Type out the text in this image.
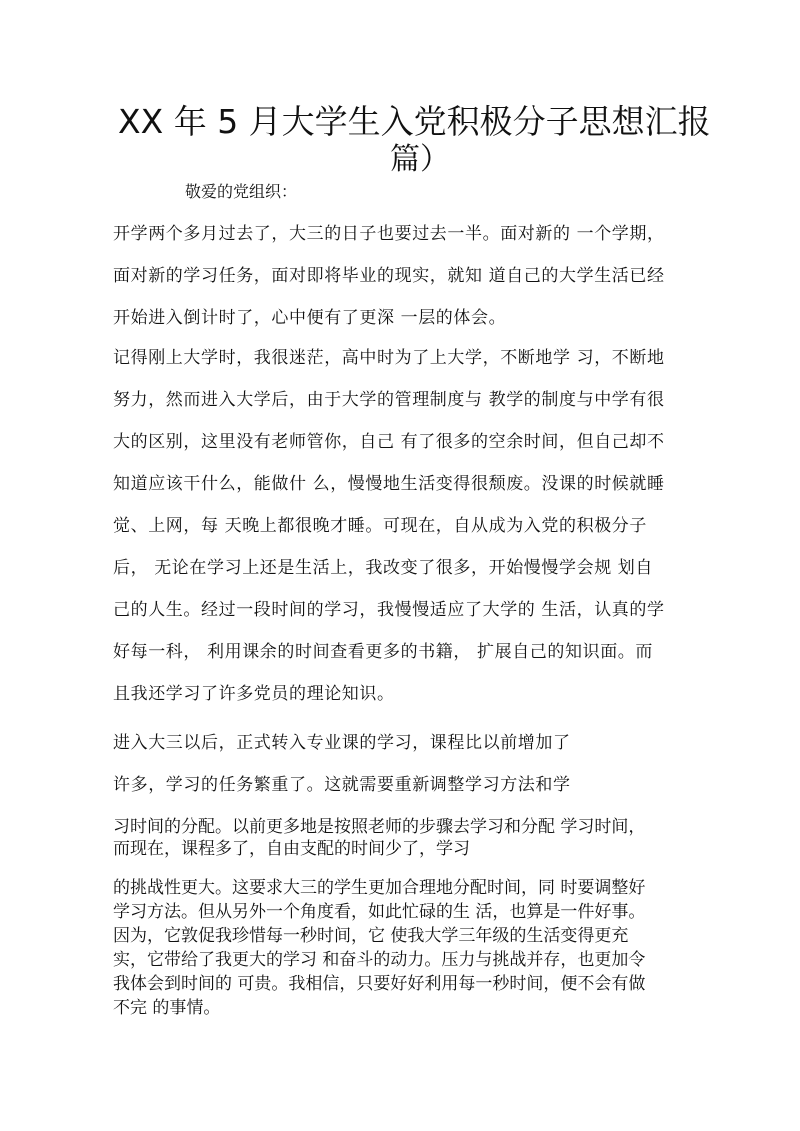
XX 年 5 月大学生入党积极分子思想汇报
篇）
敬爱的党组织：
开学两个多月过去了，大三的日子也要过去一半。面对新的 一个学期，
面对新的学习任务，面对即将毕业的现实，就知 道自己的大学生活已经
开始进入倒计时了，心中便有了更深 一层的体会。
记得刚上大学时，我很迷茫，高中时为了上大学，不断地学 习，不断地
努力，然而进入大学后，由于大学的管理制度与 教学的制度与中学有很
大的区别，这里没有老师管你，自己 有了很多的空余时间，但自己却不
知道应该干什么，能做什 么，慢慢地生活变得很颓废。没课的时候就睡
觉、上网，每 天晚上都很晚才睡。可现在，自从成为入党的积极分子
后， 无论在学习上还是生活上，我改变了很多，开始慢慢学会规 划自
己的人生。经过一段时间的学习，我慢慢适应了大学的 生活，认真的学
好每一科， 利用课余的时间查看更多的书籍， 扩展自己的知识面。而
且我还学习了许多党员的理论知识。
进入大三以后，正式转入专业课的学习，课程比以前增加了
许多，学习的任务繁重了。这就需要重新调整学习方法和学
习时间的分配。以前更多地是按照老师的步骤去学习和分配 学习时间，
而现在，课程多了，自由支配的时间少了，学习
的挑战性更大。这要求大三的学生更加合理地分配时间，同 时要调整好
学习方法。但从另外一个角度看，如此忙碌的生 活，也算是一件好事。
因为，它敦促我珍惜每一秒时间，它 使我大学三年级的生活变得更充
实，它带给了我更大的学习 和奋斗的动力。压力与挑战并存，也更加令
我体会到时间的 可贵。我相信，只要好好利用每一秒时间，便不会有做
不完 的事情。
